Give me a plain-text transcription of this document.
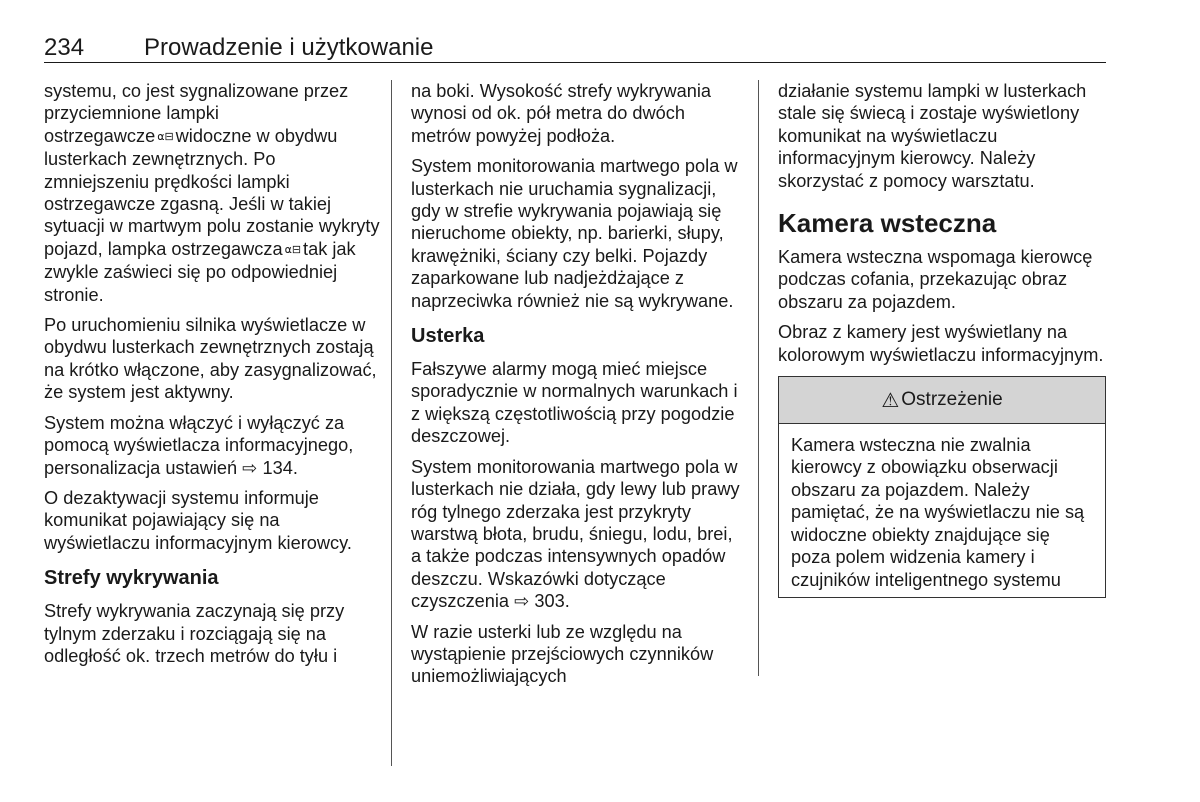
234 Prowadzenie i użytkowanie

systemu, co jest sygnalizowane przez przyciemnione lampki ostrzegawcze ⍺⊟ widoczne w obydwu lusterkach zewnętrznych. Po zmniejszeniu prędkości lampki ostrzegawcze zgasną. Jeśli w takiej sytuacji w martwym polu zostanie wykryty pojazd, lampka ostrzegawcza ⍺⊟ tak jak zwykle zaświeci się po odpowiedniej stronie.

Po uruchomieniu silnika wyświetlacze w obydwu lusterkach zewnętrznych zostają na krótko włączone, aby zasygnalizować, że system jest aktywny.

System można włączyć i wyłączyć za pomocą wyświetlacza informacyjnego, personalizacja ustawień ⇨ 134.

O dezaktywacji systemu informuje komunikat pojawiający się na wyświetlaczu informacyjnym kierowcy.

Strefy wykrywania

Strefy wykrywania zaczynają się przy tylnym zderzaku i rozciągają się na odległość ok. trzech metrów do tyłu i

na boki. Wysokość strefy wykrywania wynosi od ok. pół metra do dwóch metrów powyżej podłoża.

System monitorowania martwego pola w lusterkach nie uruchamia sygnalizacji, gdy w strefie wykrywania pojawiają się nieruchome obiekty, np. barierki, słupy, krawężniki, ściany czy belki. Pojazdy zaparkowane lub nadjeżdżające z naprzeciwka również nie są wykrywane.

Usterka

Fałszywe alarmy mogą mieć miejsce sporadycznie w normalnych warunkach i z większą częstotliwością przy pogodzie deszczowej.

System monitorowania martwego pola w lusterkach nie działa, gdy lewy lub prawy róg tylnego zderzaka jest przykryty warstwą błota, brudu, śniegu, lodu, brei, a także podczas intensywnych opadów deszczu. Wskazówki dotyczące czyszczenia ⇨ 303.

W razie usterki lub ze względu na wystąpienie przejściowych czynników uniemożliwiających

działanie systemu lampki w lusterkach stale się świecą i zostaje wyświetlony komunikat na wyświetlaczu informacyjnym kierowcy. Należy skorzystać z pomocy warsztatu.

Kamera wsteczna

Kamera wsteczna wspomaga kierowcę podczas cofania, przekazując obraz obszaru za pojazdem.

Obraz z kamery jest wyświetlany na kolorowym wyświetlaczu informacyjnym.

⚠ Ostrzeżenie

Kamera wsteczna nie zwalnia kierowcy z obowiązku obserwacji obszaru za pojazdem. Należy pamiętać, że na wyświetlaczu nie są widoczne obiekty znajdujące się poza polem widzenia kamery i czujników inteligentnego systemu
